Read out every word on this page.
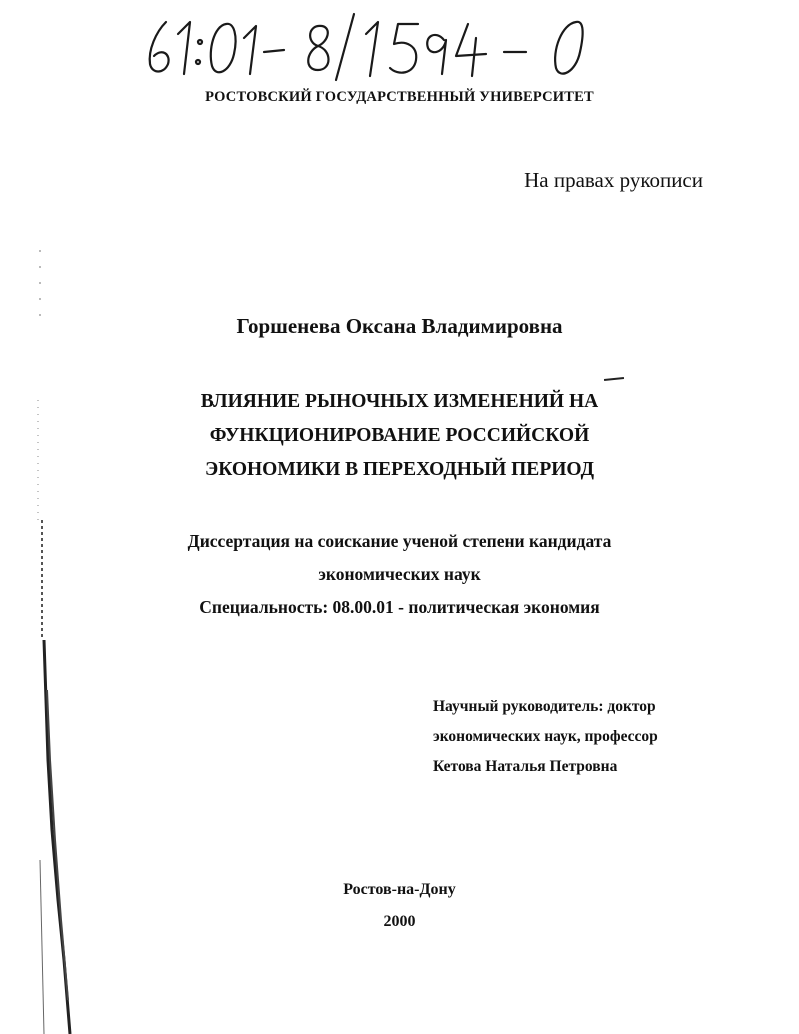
РОСТОВСКИЙ ГОСУДАРСТВЕННЫЙ УНИВЕРСИТЕТ
На правах рукописи
Горшенева Оксана Владимировна
ВЛИЯНИЕ РЫНОЧНЫХ ИЗМЕНЕНИЙ НА
ФУНКЦИОНИРОВАНИЕ РОССИЙСКОЙ
ЭКОНОМИКИ В ПЕРЕХОДНЫЙ ПЕРИОД
Диссертация на соискание ученой степени кандидата
экономических наук
Специальность: 08.00.01 - политическая экономия
Научный руководитель: доктор
экономических наук, профессор
Кетова Наталья Петровна
Ростов-на-Дону
2000
